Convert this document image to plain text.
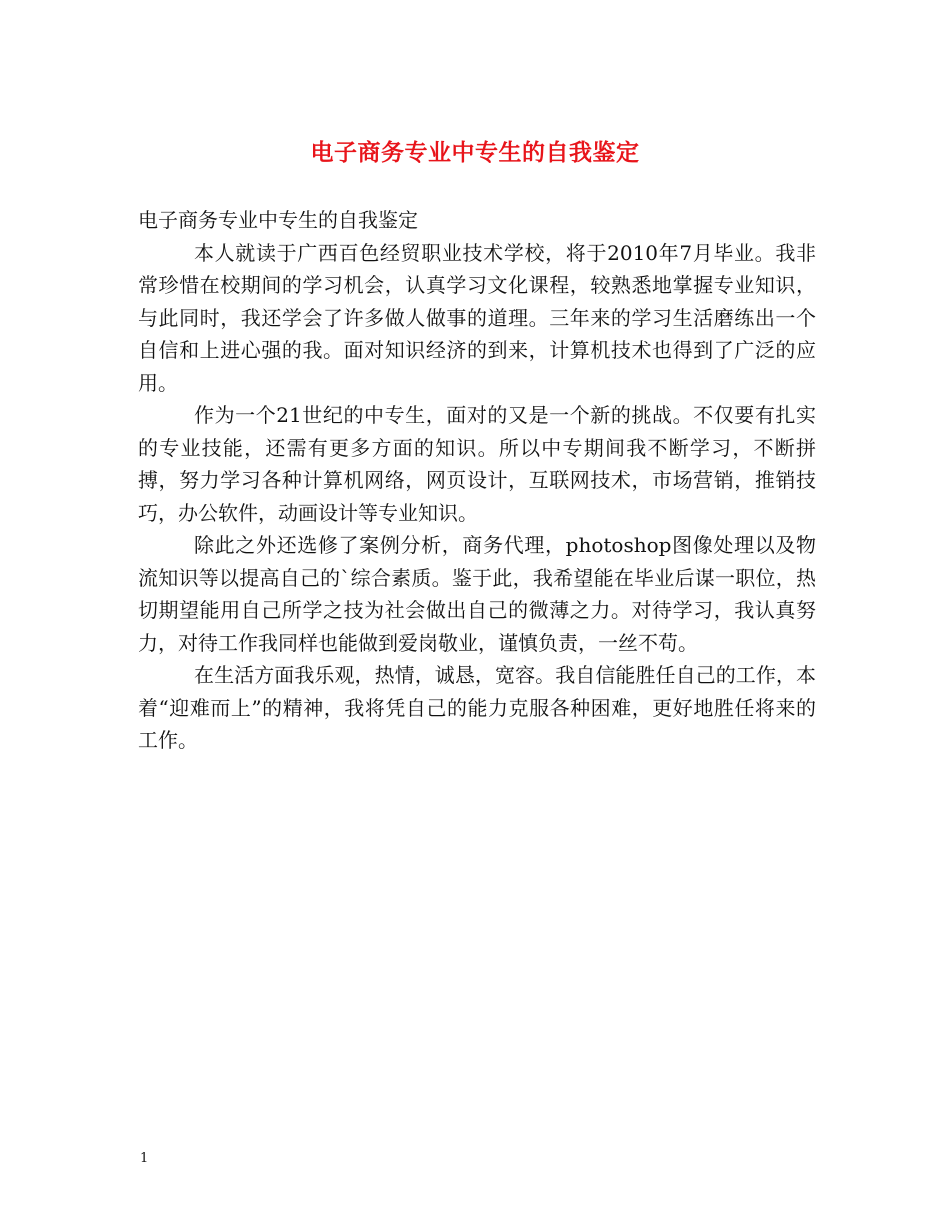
电子商务专业中专生的自我鉴定

电子商务专业中专生的自我鉴定

本人就读于广西百色经贸职业技术学校，将于2010年7月毕业。我非常珍惜在校期间的学习机会，认真学习文化课程，较熟悉地掌握专业知识，与此同时，我还学会了许多做人做事的道理。三年来的学习生活磨练出一个自信和上进心强的我。面对知识经济的到来，计算机技术也得到了广泛的应用。

作为一个21世纪的中专生，面对的又是一个新的挑战。不仅要有扎实的专业技能，还需有更多方面的知识。所以中专期间我不断学习，不断拼搏，努力学习各种计算机网络，网页设计，互联网技术，市场营销，推销技巧，办公软件，动画设计等专业知识。

除此之外还选修了案例分析，商务代理，photoshop图像处理以及物流知识等以提高自己的`综合素质。鉴于此，我希望能在毕业后谋一职位，热切期望能用自己所学之技为社会做出自己的微薄之力。对待学习，我认真努力，对待工作我同样也能做到爱岗敬业，谨慎负责，一丝不苟。

在生活方面我乐观，热情，诚恳，宽容。我自信能胜任自己的工作，本着“迎难而上”的精神，我将凭自己的能力克服各种困难，更好地胜任将来的工作。

1
